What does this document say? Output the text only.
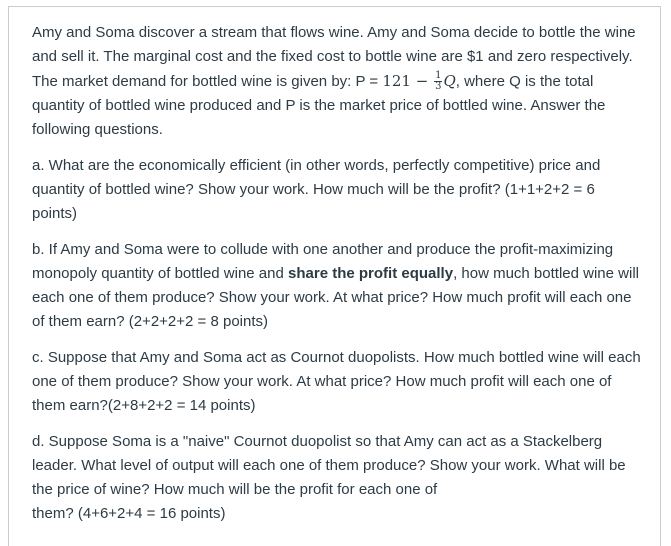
Amy and Soma discover a stream that flows wine. Amy and Soma decide to bottle the wine and sell it. The marginal cost and the fixed cost to bottle wine are $1 and zero respectively. The market demand for bottled wine is given by: $P = 121 - \frac{1}{3} Q$, where Q is the total quantity of bottled wine produced and P is the market price of bottled wine. Answer the following questions.

a. What are the economically efficient (in other words, perfectly competitive) price and quantity of bottled wine? Show your work. How much will be the profit? (1+1+2+2 = 6 points)

b. If Amy and Soma were to collude with one another and produce the profit-maximizing monopoly quantity of bottled wine and share the profit equally, how much bottled wine will each one of them produce? Show your work. At what price? How much profit will each one of them earn? (2+2+2+2 = 8 points)

c. Suppose that Amy and Soma act as Cournot duopolists. How much bottled wine will each one of them produce? Show your work. At what price? How much profit will each one of them earn?(2+8+2+2 = 14 points)

d. Suppose Soma is a "naive" Cournot duopolist so that Amy can act as a Stackelberg leader. What level of output will each one of them produce? Show your work. What will be the price of wine? How much will be the profit for each one of
them? (4+6+2+4 = 16 points)
